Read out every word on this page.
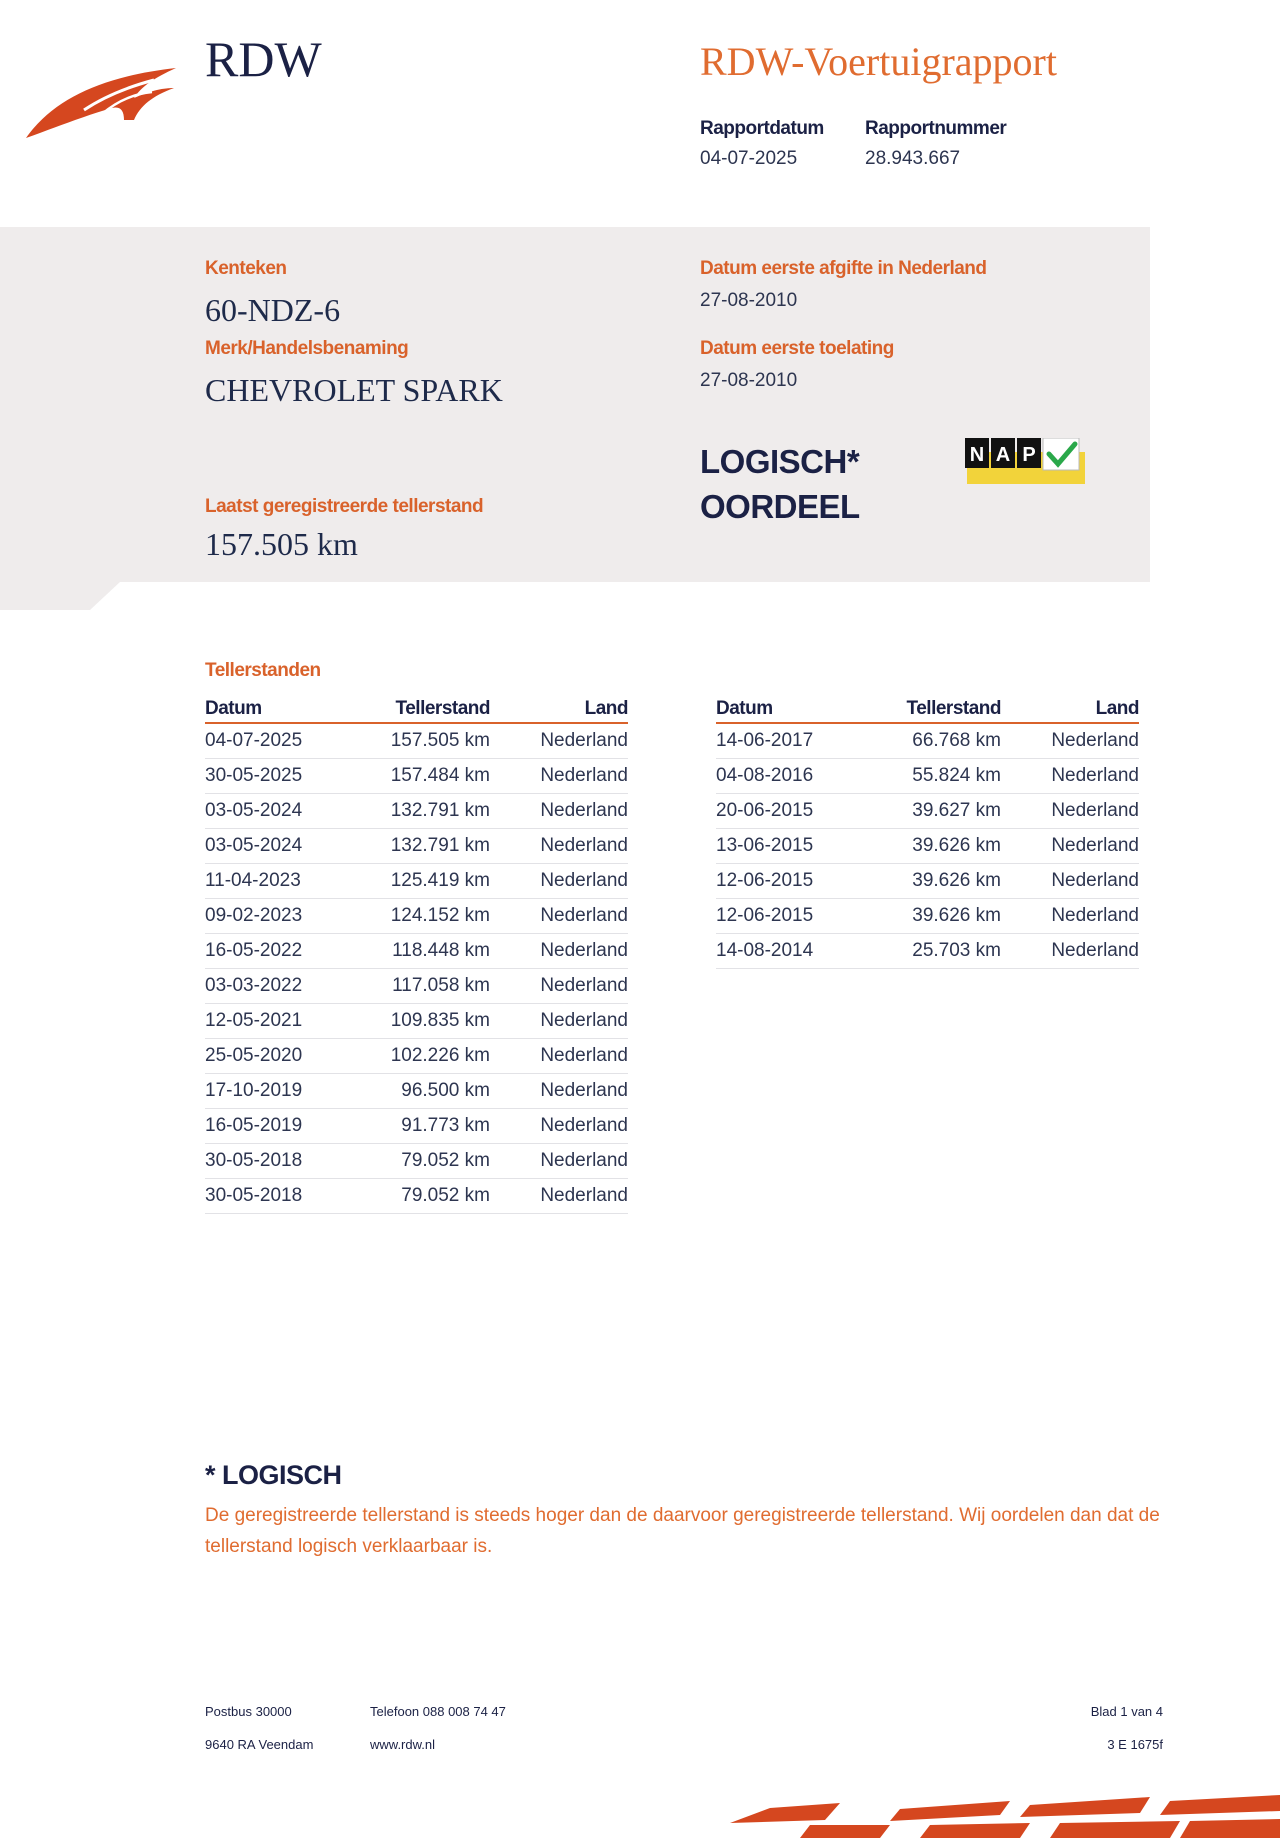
RDW	RDW-Voertuigrapport
Rapportdatum
04-07-2025
Rapportnummer
28.943.667
Kenteken
60-NDZ-6
Merk/Handelsbenaming
CHEVROLET SPARK
Laatst geregistreerde tellerstand
157.505 km
Datum eerste afgifte in Nederland
27-08-2010
Datum eerste toelating
27-08-2010
LOGISCH*
OORDEEL
N A P
Tellerstanden
Datum	Tellerstand	Land
04-07-2025	157.505 km	Nederland
30-05-2025	157.484 km	Nederland
03-05-2024	132.791 km	Nederland
03-05-2024	132.791 km	Nederland
11-04-2023	125.419 km	Nederland
09-02-2023	124.152 km	Nederland
16-05-2022	118.448 km	Nederland
03-03-2022	117.058 km	Nederland
12-05-2021	109.835 km	Nederland
25-05-2020	102.226 km	Nederland
17-10-2019	96.500 km	Nederland
16-05-2019	91.773 km	Nederland
30-05-2018	79.052 km	Nederland
30-05-2018	79.052 km	Nederland
Datum	Tellerstand	Land
14-06-2017	66.768 km	Nederland
04-08-2016	55.824 km	Nederland
20-06-2015	39.627 km	Nederland
13-06-2015	39.626 km	Nederland
12-06-2015	39.626 km	Nederland
12-06-2015	39.626 km	Nederland
14-08-2014	25.703 km	Nederland
* LOGISCH
De geregistreerde tellerstand is steeds hoger dan de daarvoor geregistreerde tellerstand. Wij oordelen dan dat de tellerstand logisch verklaarbaar is.
Postbus 30000
9640 RA Veendam
Telefoon 088 008 74 47
www.rdw.nl
Blad 1 van 4
3 E 1675f
